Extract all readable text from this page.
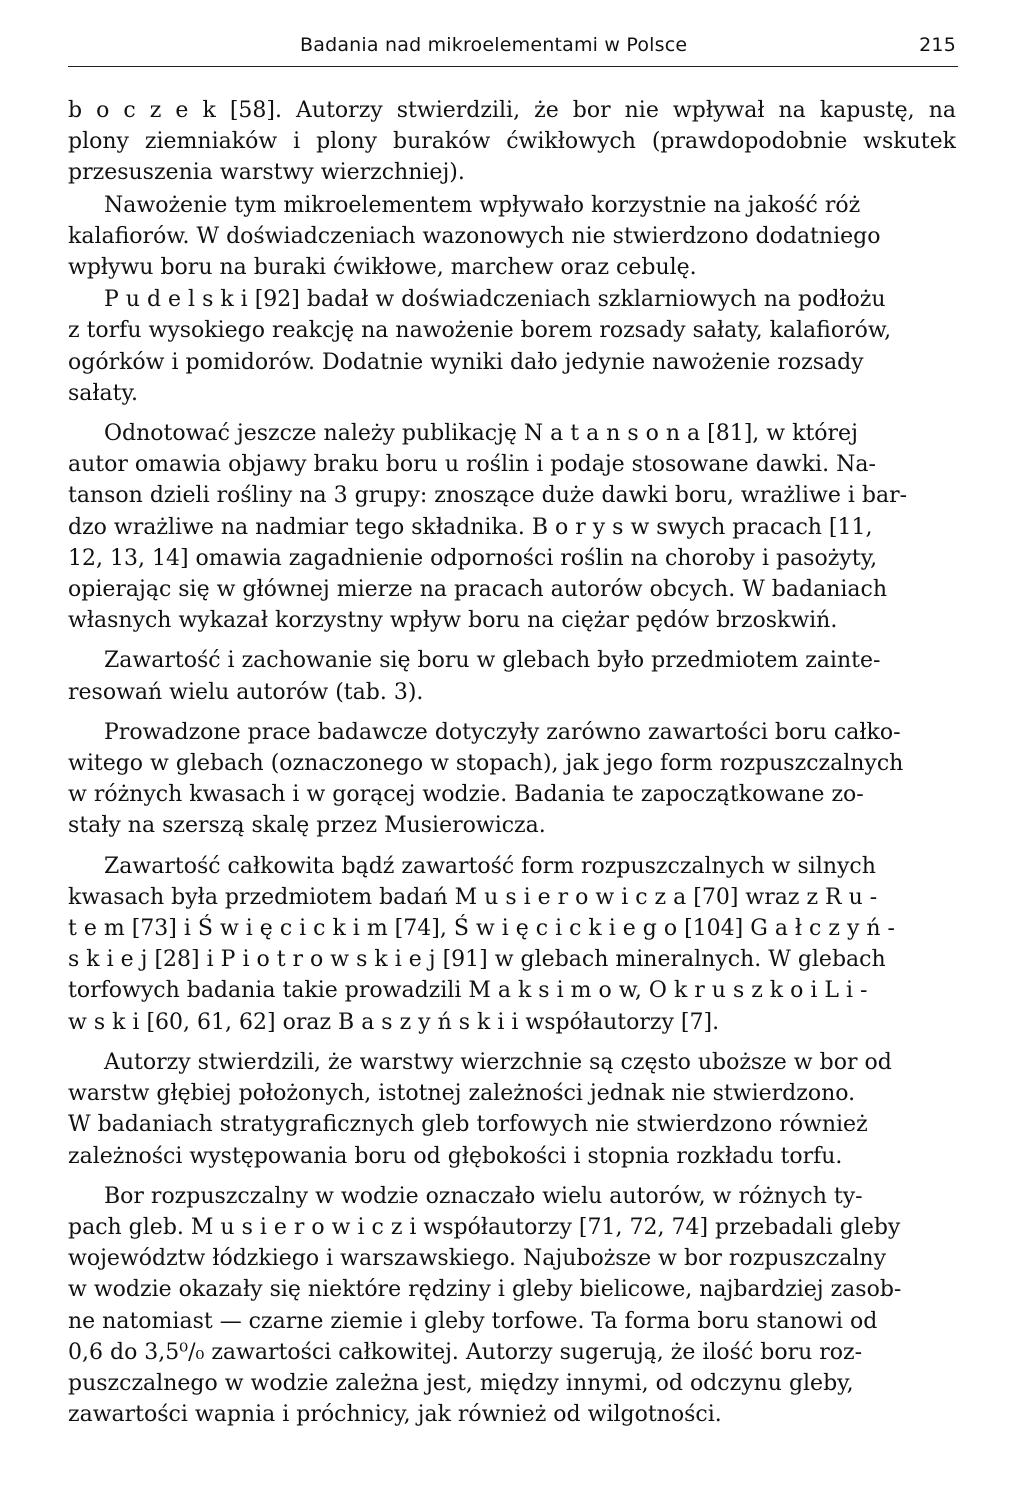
Badania nad mikroelementami w Polsce	215
b o c z e k [58]. Autorzy stwierdzili, że bor nie wpływał na kapustę, na
plony ziemniaków i plony buraków ćwikłowych (prawdopodobnie wskutek
przesuszenia warstwy wierzchniej).
Nawożenie tym mikroelementem wpływało korzystnie na jakość róż
kalafiorów. W doświadczeniach wazonowych nie stwierdzono dodatniego
wpływu boru na buraki ćwikłowe, marchew oraz cebulę.
P u d e l s k i [92] badał w doświadczeniach szklarniowych na podłożu
z torfu wysokiego reakcję na nawożenie borem rozsady sałaty, kalafiorów,
ogórków i pomidorów. Dodatnie wyniki dało jedynie nawożenie rozsady
sałaty.
Odnotować jeszcze należy publikację N a t a n s o n a [81], w której
autor omawia objawy braku boru u roślin i podaje stosowane dawki. Na-
tanson dzieli rośliny na 3 grupy: znoszące duże dawki boru, wrażliwe i bar-
dzo wrażliwe na nadmiar tego składnika. B o r y s w swych pracach [11,
12, 13, 14] omawia zagadnienie odporności roślin na choroby i pasożyty,
opierając się w głównej mierze na pracach autorów obcych. W badaniach
własnych wykazał korzystny wpływ boru na ciężar pędów brzoskwiń.
Zawartość i zachowanie się boru w glebach było przedmiotem zainte-
resowań wielu autorów (tab. 3).
Prowadzone prace badawcze dotyczyły zarówno zawartości boru całko-
witego w glebach (oznaczonego w stopach), jak jego form rozpuszczalnych
w różnych kwasach i w gorącej wodzie. Badania te zapoczątkowane zo-
stały na szerszą skalę przez Musierowicza.
Zawartość całkowita bądź zawartość form rozpuszczalnych w silnych
kwasach była przedmiotem badań M u s i e r o w i c z a [70] wraz z R u -
t e m [73] i Ś w i ę c i c k i m [74], Ś w i ę c i c k i e g o [104] G a ł c z y ń -
s k i e j [28] i P i o t r o w s k i e j [91] w glebach mineralnych. W glebach
torfowych badania takie prowadzili M a k s i m o w, O k r u s z k o i L i -
w s k i [60, 61, 62] oraz B a s z y ń s k i i współautorzy [7].
Autorzy stwierdzili, że warstwy wierzchnie są często uboższe w bor od
warstw głębiej położonych, istotnej zależności jednak nie stwierdzono.
W badaniach stratygraficznych gleb torfowych nie stwierdzono również
zależności występowania boru od głębokości i stopnia rozkładu torfu.
Bor rozpuszczalny w wodzie oznaczało wielu autorów, w różnych ty-
pach gleb. M u s i e r o w i c z i współautorzy [71, 72, 74] przebadali gleby
województw łódzkiego i warszawskiego. Najuboższe w bor rozpuszczalny
w wodzie okazały się niektóre rędziny i gleby bielicowe, najbardziej zasob-
ne natomiast — czarne ziemie i gleby torfowe. Ta forma boru stanowi od
0,6 do 3,5⁰/₀ zawartości całkowitej. Autorzy sugerują, że ilość boru roz-
puszczalnego w wodzie zależna jest, między innymi, od odczynu gleby,
zawartości wapnia i próchnicy, jak również od wilgotności.
